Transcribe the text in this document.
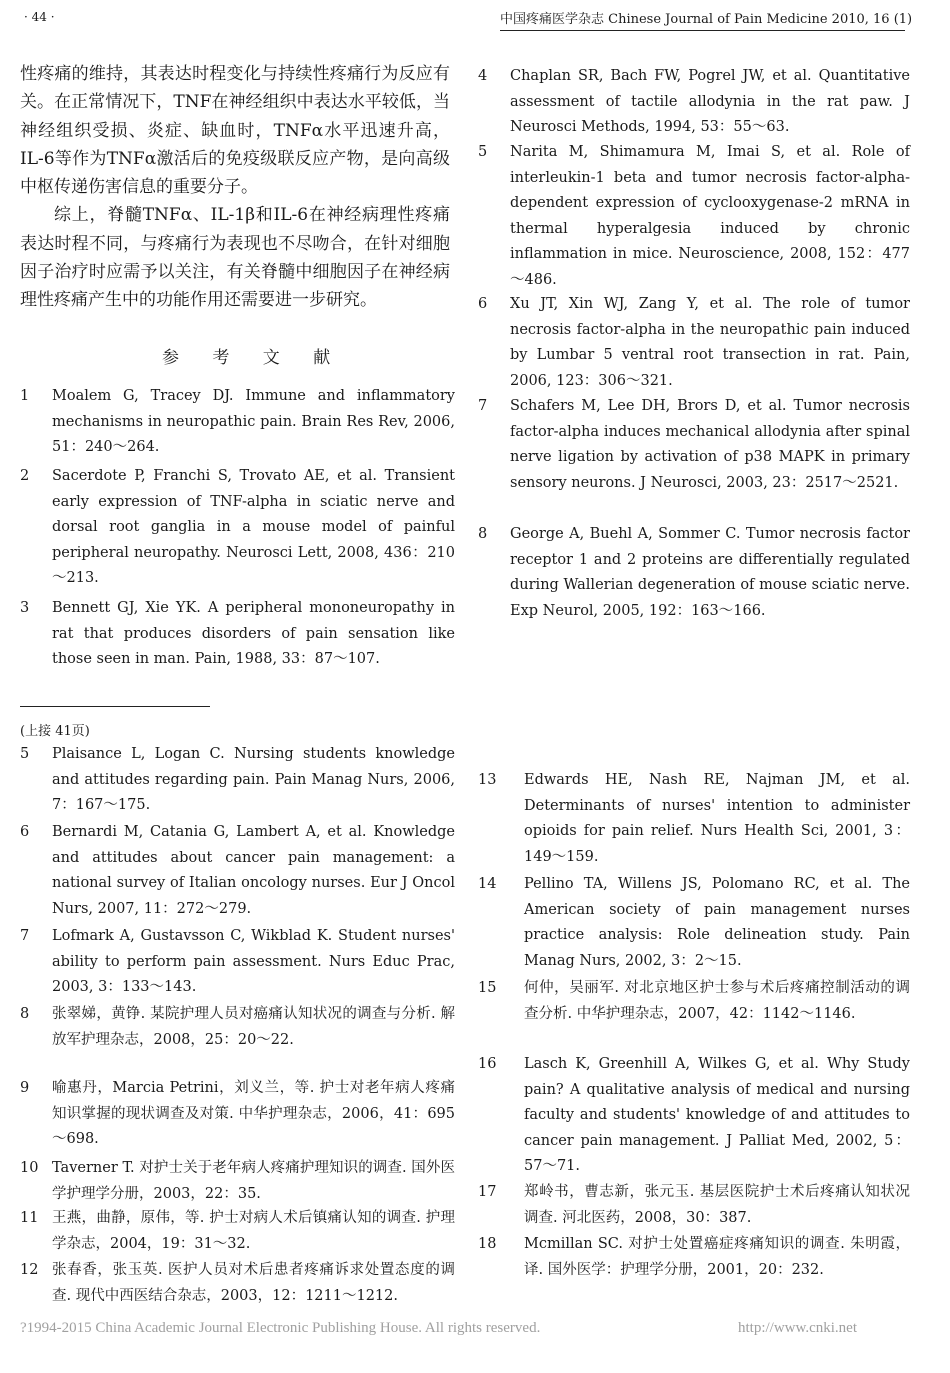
· 44 ·	中国疼痛医学杂志 Chinese Journal of Pain Medicine 2010, 16 (1)

性疼痛的维持，其表达时程变化与持续性疼痛行为反应有关。在正常情况下，TNF在神经组织中表达水平较低，当神经组织受损、炎症、缺血时，TNFα水平迅速升高，IL-6等作为TNFα激活后的免疫级联反应产物，是向高级中枢传递伤害信息的重要分子。

综上，脊髓TNFα、IL-1β和IL-6在神经病理性疼痛表达时程不同，与疼痛行为表现也不尽吻合，在针对细胞因子治疗时应需予以关注，有关脊髓中细胞因子在神经病理性疼痛产生中的功能作用还需要进一步研究。

参 考 文 献
1 Moalem G, Tracey DJ. Immune and inflammatory mechanisms in neuropathic pain. Brain Res Rev, 2006, 51：240～264.
2 Sacerdote P, Franchi S, Trovato AE, et al. Transient early expression of TNF-alpha in sciatic nerve and dorsal root ganglia in a mouse model of painful peripheral neuropathy. Neurosci Lett, 2008, 436：210～213.
3 Bennett GJ, Xie YK. A peripheral mononeuropathy in rat that produces disorders of pain sensation like those seen in man. Pain, 1988, 33：87～107.
4 Chaplan SR, Bach FW, Pogrel JW, et al. Quantitative assessment of tactile allodynia in the rat paw. J Neurosci Methods, 1994, 53：55～63.
5 Narita M, Shimamura M, Imai S, et al. Role of interleukin-1 beta and tumor necrosis factor-alpha-dependent expression of cyclooxygenase-2 mRNA in thermal hyperalgesia induced by chronic inflammation in mice. Neuroscience, 2008, 152：477～486.
6 Xu JT, Xin WJ, Zang Y, et al. The role of tumor necrosis factor-alpha in the neuropathic pain induced by Lumbar 5 ventral root transection in rat. Pain, 2006, 123：306～321.
7 Schafers M, Lee DH, Brors D, et al. Tumor necrosis factor-alpha induces mechanical allodynia after spinal nerve ligation by activation of p38 MAPK in primary sensory neurons. J Neurosci, 2003, 23：2517～2521.
8 George A, Buehl A, Sommer C. Tumor necrosis factor receptor 1 and 2 proteins are differentially regulated during Wallerian degeneration of mouse sciatic nerve. Exp Neurol, 2005, 192：163～166.
(上接 41页)
5 Plaisance L, Logan C. Nursing students knowledge and attitudes regarding pain. Pain Manag Nurs, 2006, 7：167～175.
6 Bernardi M, Catania G, Lambert A, et al. Knowledge and attitudes about cancer pain management: a national survey of Italian oncology nurses. Eur J Oncol Nurs, 2007, 11：272～279.
7 Lofmark A, Gustavsson C, Wikblad K. Student nurses' ability to perform pain assessment. Nurs Educ Prac, 2003, 3：133～143.
8 张翠娣，黄铮. 某院护理人员对癌痛认知状况的调查与分析. 解放军护理杂志，2008，25：20～22.
9 喻惠丹，Marcia Petrini，刘义兰，等. 护士对老年病人疼痛知识掌握的现状调查及对策. 中华护理杂志，2006，41：695～698.
10 Taverner T. 对护士关于老年病人疼痛护理知识的调查. 国外医学护理学分册，2003，22：35.
11 王燕，曲静，原伟，等. 护士对病人术后镇痛认知的调查. 护理学杂志，2004，19：31～32.
12 张春香，张玉英. 医护人员对术后患者疼痛诉求处置态度的调查. 现代中西医结合杂志，2003，12：1211～1212.
13 Edwards HE, Nash RE, Najman JM, et al. Determinants of nurses' intention to administer opioids for pain relief. Nurs Health Sci, 2001, 3：149～159.
14 Pellino TA, Willens JS, Polomano RC, et al. The American society of pain management nurses practice analysis: Role delineation study. Pain Manag Nurs, 2002, 3：2～15.
15 何仲，吴丽军. 对北京地区护士参与术后疼痛控制活动的调查分析. 中华护理杂志，2007，42：1142～1146.
16 Lasch K, Greenhill A, Wilkes G, et al. Why Study pain? A qualitative analysis of medical and nursing faculty and students' knowledge of and attitudes to cancer pain management. J Palliat Med, 2002, 5：57～71.
17 郑岭书，曹志新，张元玉. 基层医院护士术后疼痛认知状况调查. 河北医药，2008，30：387.
18 Mcmillan SC. 对护士处置癌症疼痛知识的调查. 朱明霞，译. 国外医学：护理学分册，2001，20：232.
?1994-2015 China Academic Journal Electronic Publishing House. All rights reserved.	http://www.cnki.net
